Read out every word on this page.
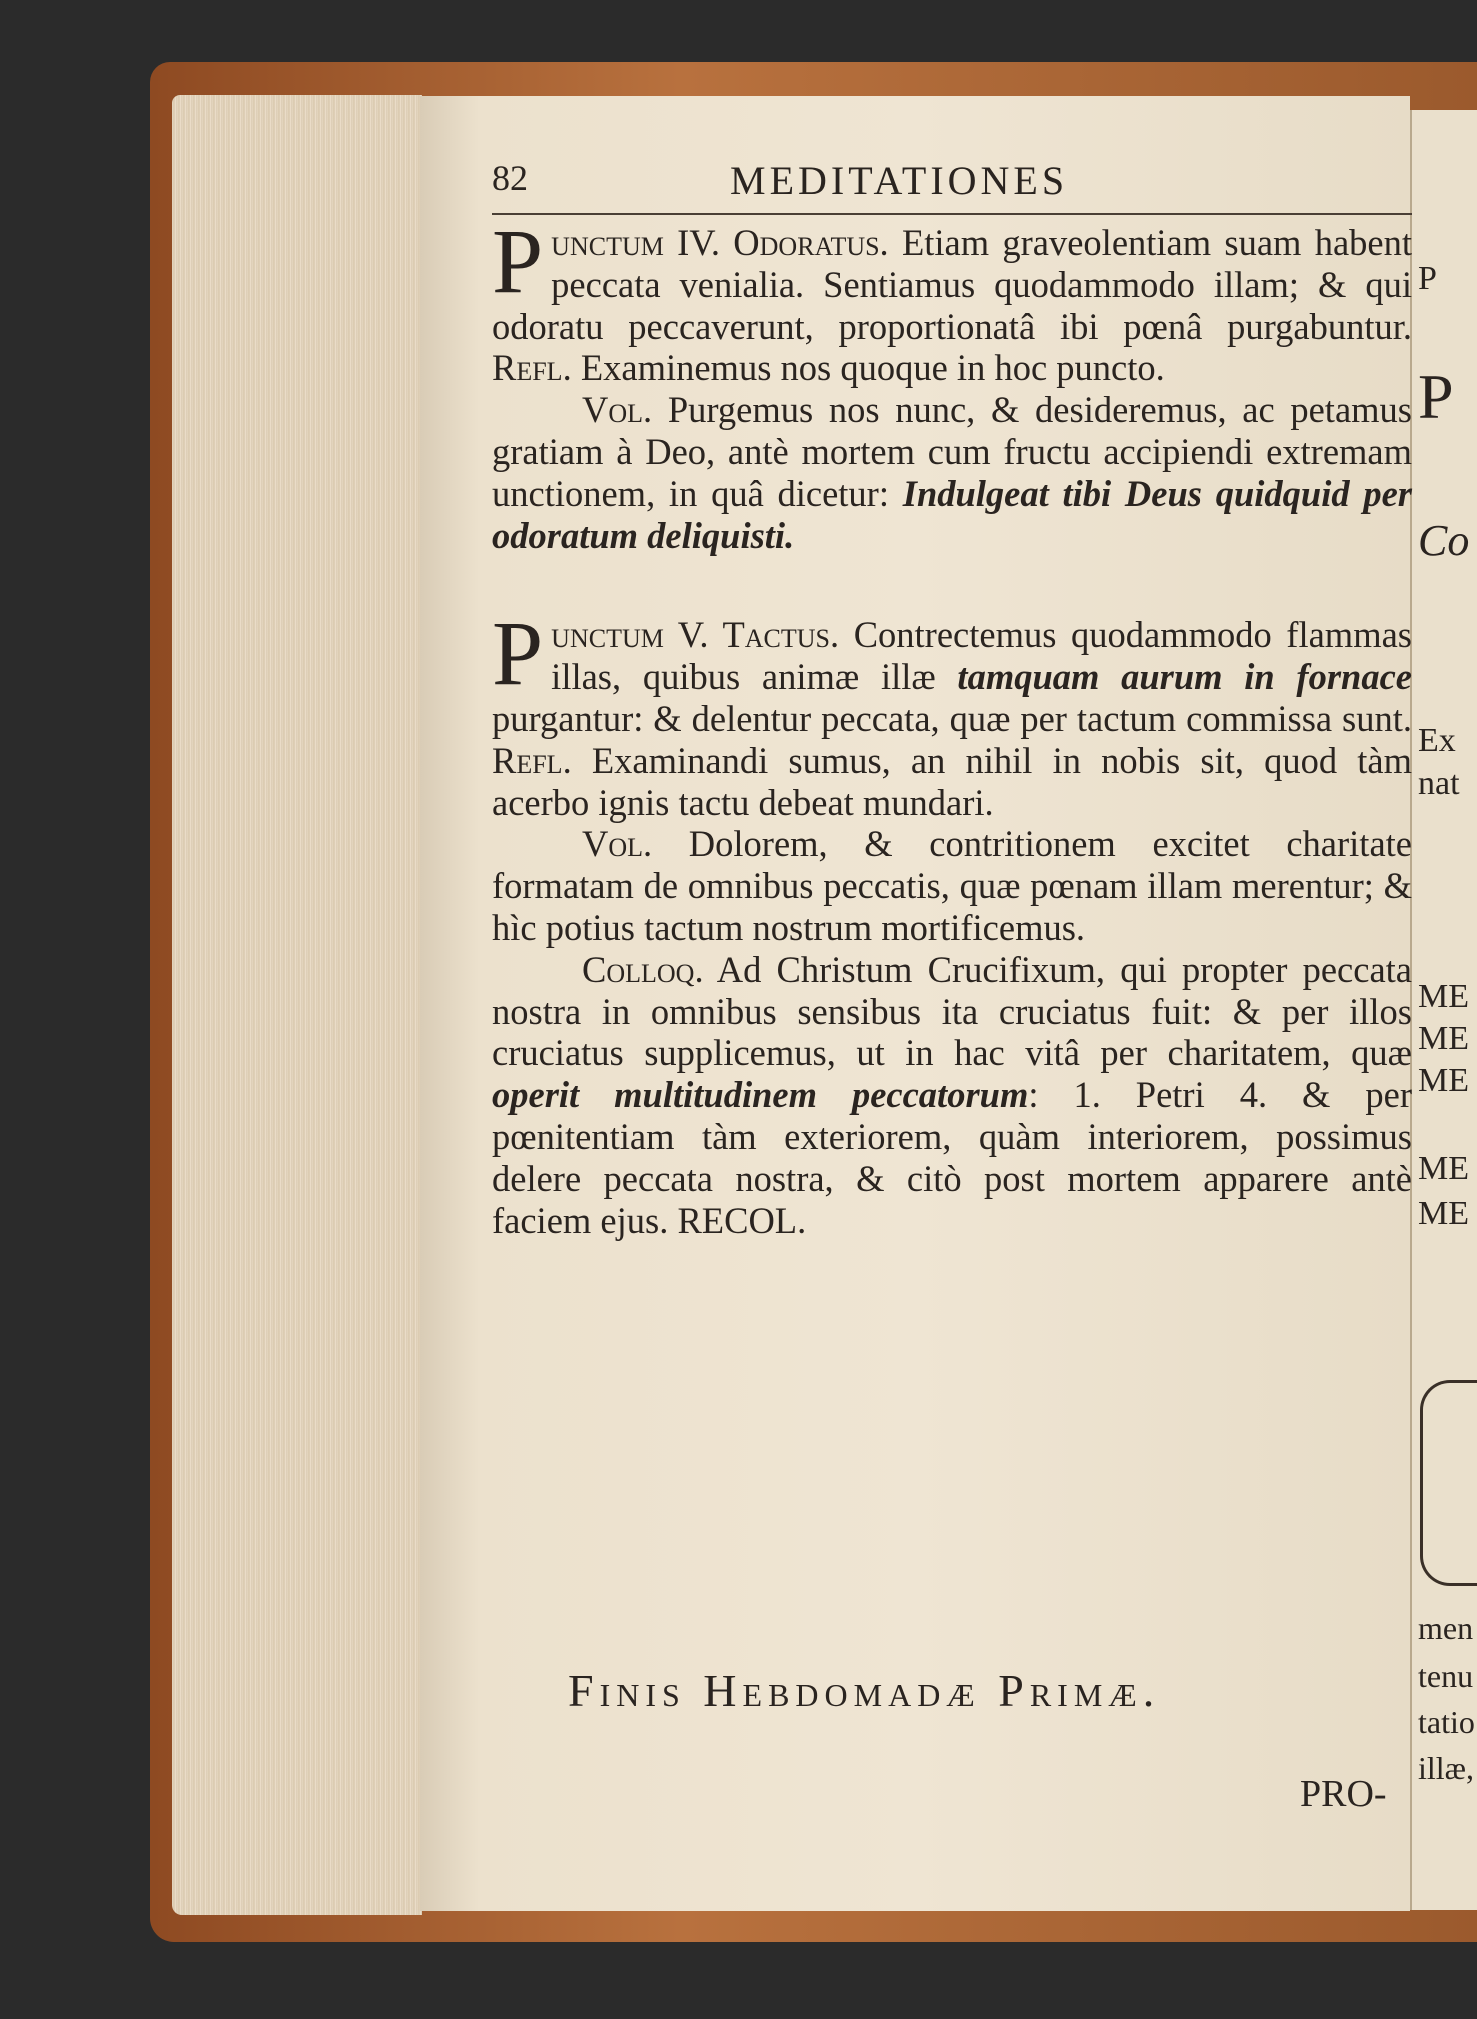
P
P
Co
Ex
nat
ME
ME
ME
ME
ME
men
tenu
tatio
illæ,
82	MEDITATIONES

Punctum IV. Odoratus. Etiam graveolentiam suam habent peccata venialia. Sentiamus quodammodo illam; & qui odoratu peccaverunt, proportionatâ ibi pœnâ purgabuntur. Refl. Examinemus nos quoque in hoc puncto.

Vol. Purgemus nos nunc, & desideremus, ac petamus gratiam à Deo, antè mortem cum fructu accipiendi extremam unctionem, in quâ dicetur: Indulgeat tibi Deus quidquid per odoratum deliquisti.

Punctum V. Tactus. Contrectemus quodammodo flammas illas, quibus animæ illæ tamquam aurum in fornace purgantur: & delentur peccata, quæ per tactum commissa sunt. Refl. Examinandi sumus, an nihil in nobis sit, quod tàm acerbo ignis tactu debeat mundari.

Vol. Dolorem, & contritionem excitet charitate formatam de omnibus peccatis, quæ pœnam illam merentur; & hìc potius tactum nostrum mortificemus.

Colloq. Ad Christum Crucifixum, qui propter peccata nostra in omnibus sensibus ita cruciatus fuit: & per illos cruciatus supplicemus, ut in hac vitâ per charitatem, quæ operit multitudinem peccatorum: 1. Petri 4. & per pœnitentiam tàm exteriorem, quàm interiorem, possimus delere peccata nostra, & citò post mortem apparere antè faciem ejus. RECOL.

Finis Hebdomadæ Primæ.
PRO-
